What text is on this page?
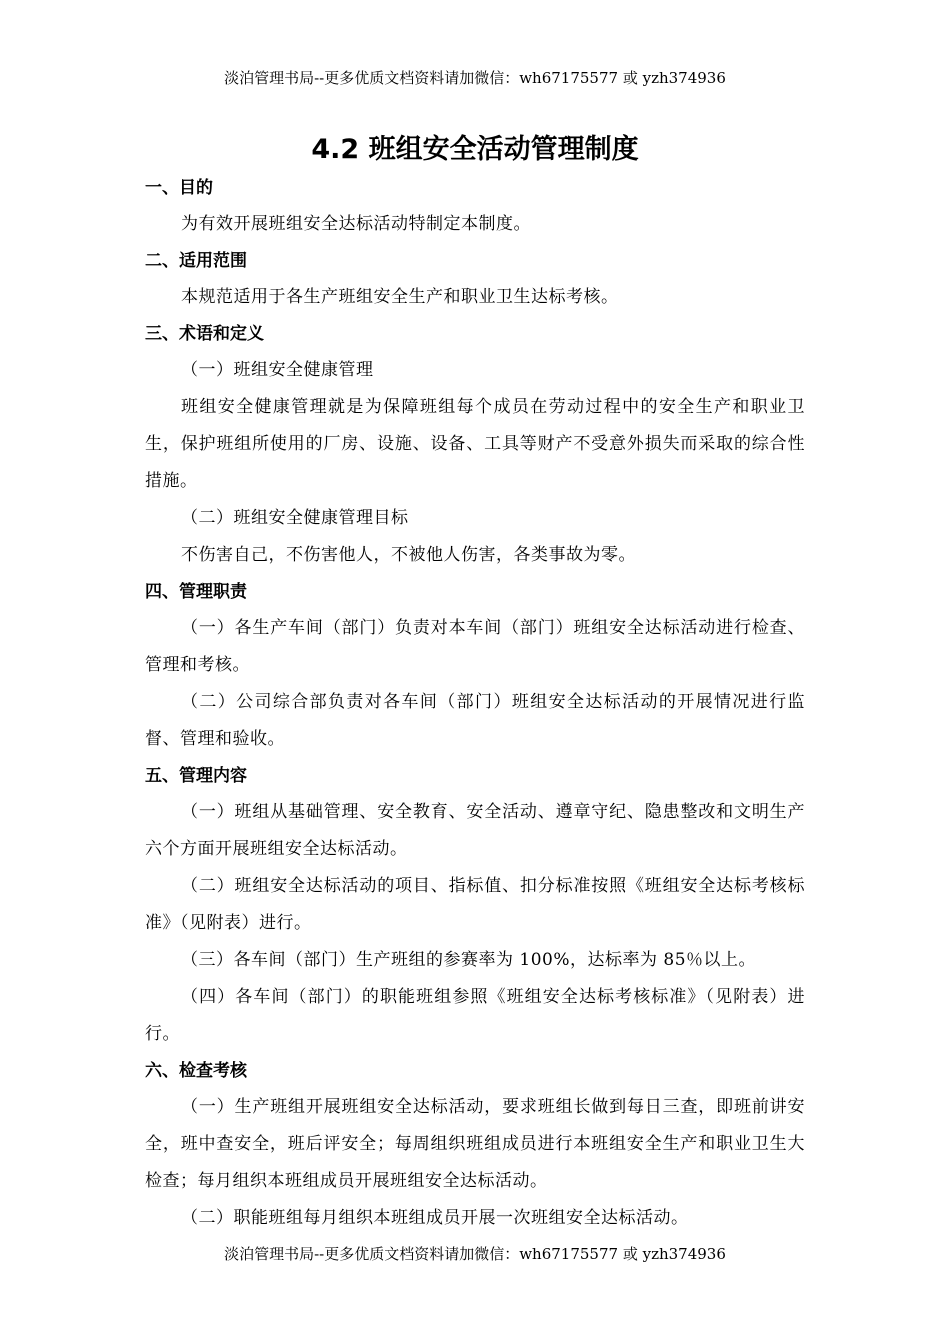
淡泊管理书局--更多优质文档资料请加微信：wh67175577 或 yzh374936
4.2 班组安全活动管理制度
一、目的

为有效开展班组安全达标活动特制定本制度。

二、适用范围

本规范适用于各生产班组安全生产和职业卫生达标考核。

三、术语和定义

（一）班组安全健康管理

班组安全健康管理就是为保障班组每个成员在劳动过程中的安全生产和职业卫生，保护班组所使用的厂房、设施、设备、工具等财产不受意外损失而采取的综合性措施。

（二）班组安全健康管理目标

不伤害自己，不伤害他人，不被他人伤害，各类事故为零。

四、管理职责

（一）各生产车间（部门）负责对本车间（部门）班组安全达标活动进行检查、管理和考核。

（二）公司综合部负责对各车间（部门）班组安全达标活动的开展情况进行监督、管理和验收。

五、管理内容

（一）班组从基础管理、安全教育、安全活动、遵章守纪、隐患整改和文明生产六个方面开展班组安全达标活动。

（二）班组安全达标活动的项目、指标值、扣分标准按照《班组安全达标考核标准》（见附表）进行。

（三）各车间（部门）生产班组的参赛率为 100%，达标率为 85％以上。

（四）各车间（部门）的职能班组参照《班组安全达标考核标准》（见附表）进行。

六、检查考核

（一）生产班组开展班组安全达标活动，要求班组长做到每日三查，即班前讲安全，班中查安全，班后评安全；每周组织班组成员进行本班组安全生产和职业卫生大检查；每月组织本班组成员开展班组安全达标活动。

（二）职能班组每月组织本班组成员开展一次班组安全达标活动。

淡泊管理书局--更多优质文档资料请加微信：wh67175577 或 yzh374936
